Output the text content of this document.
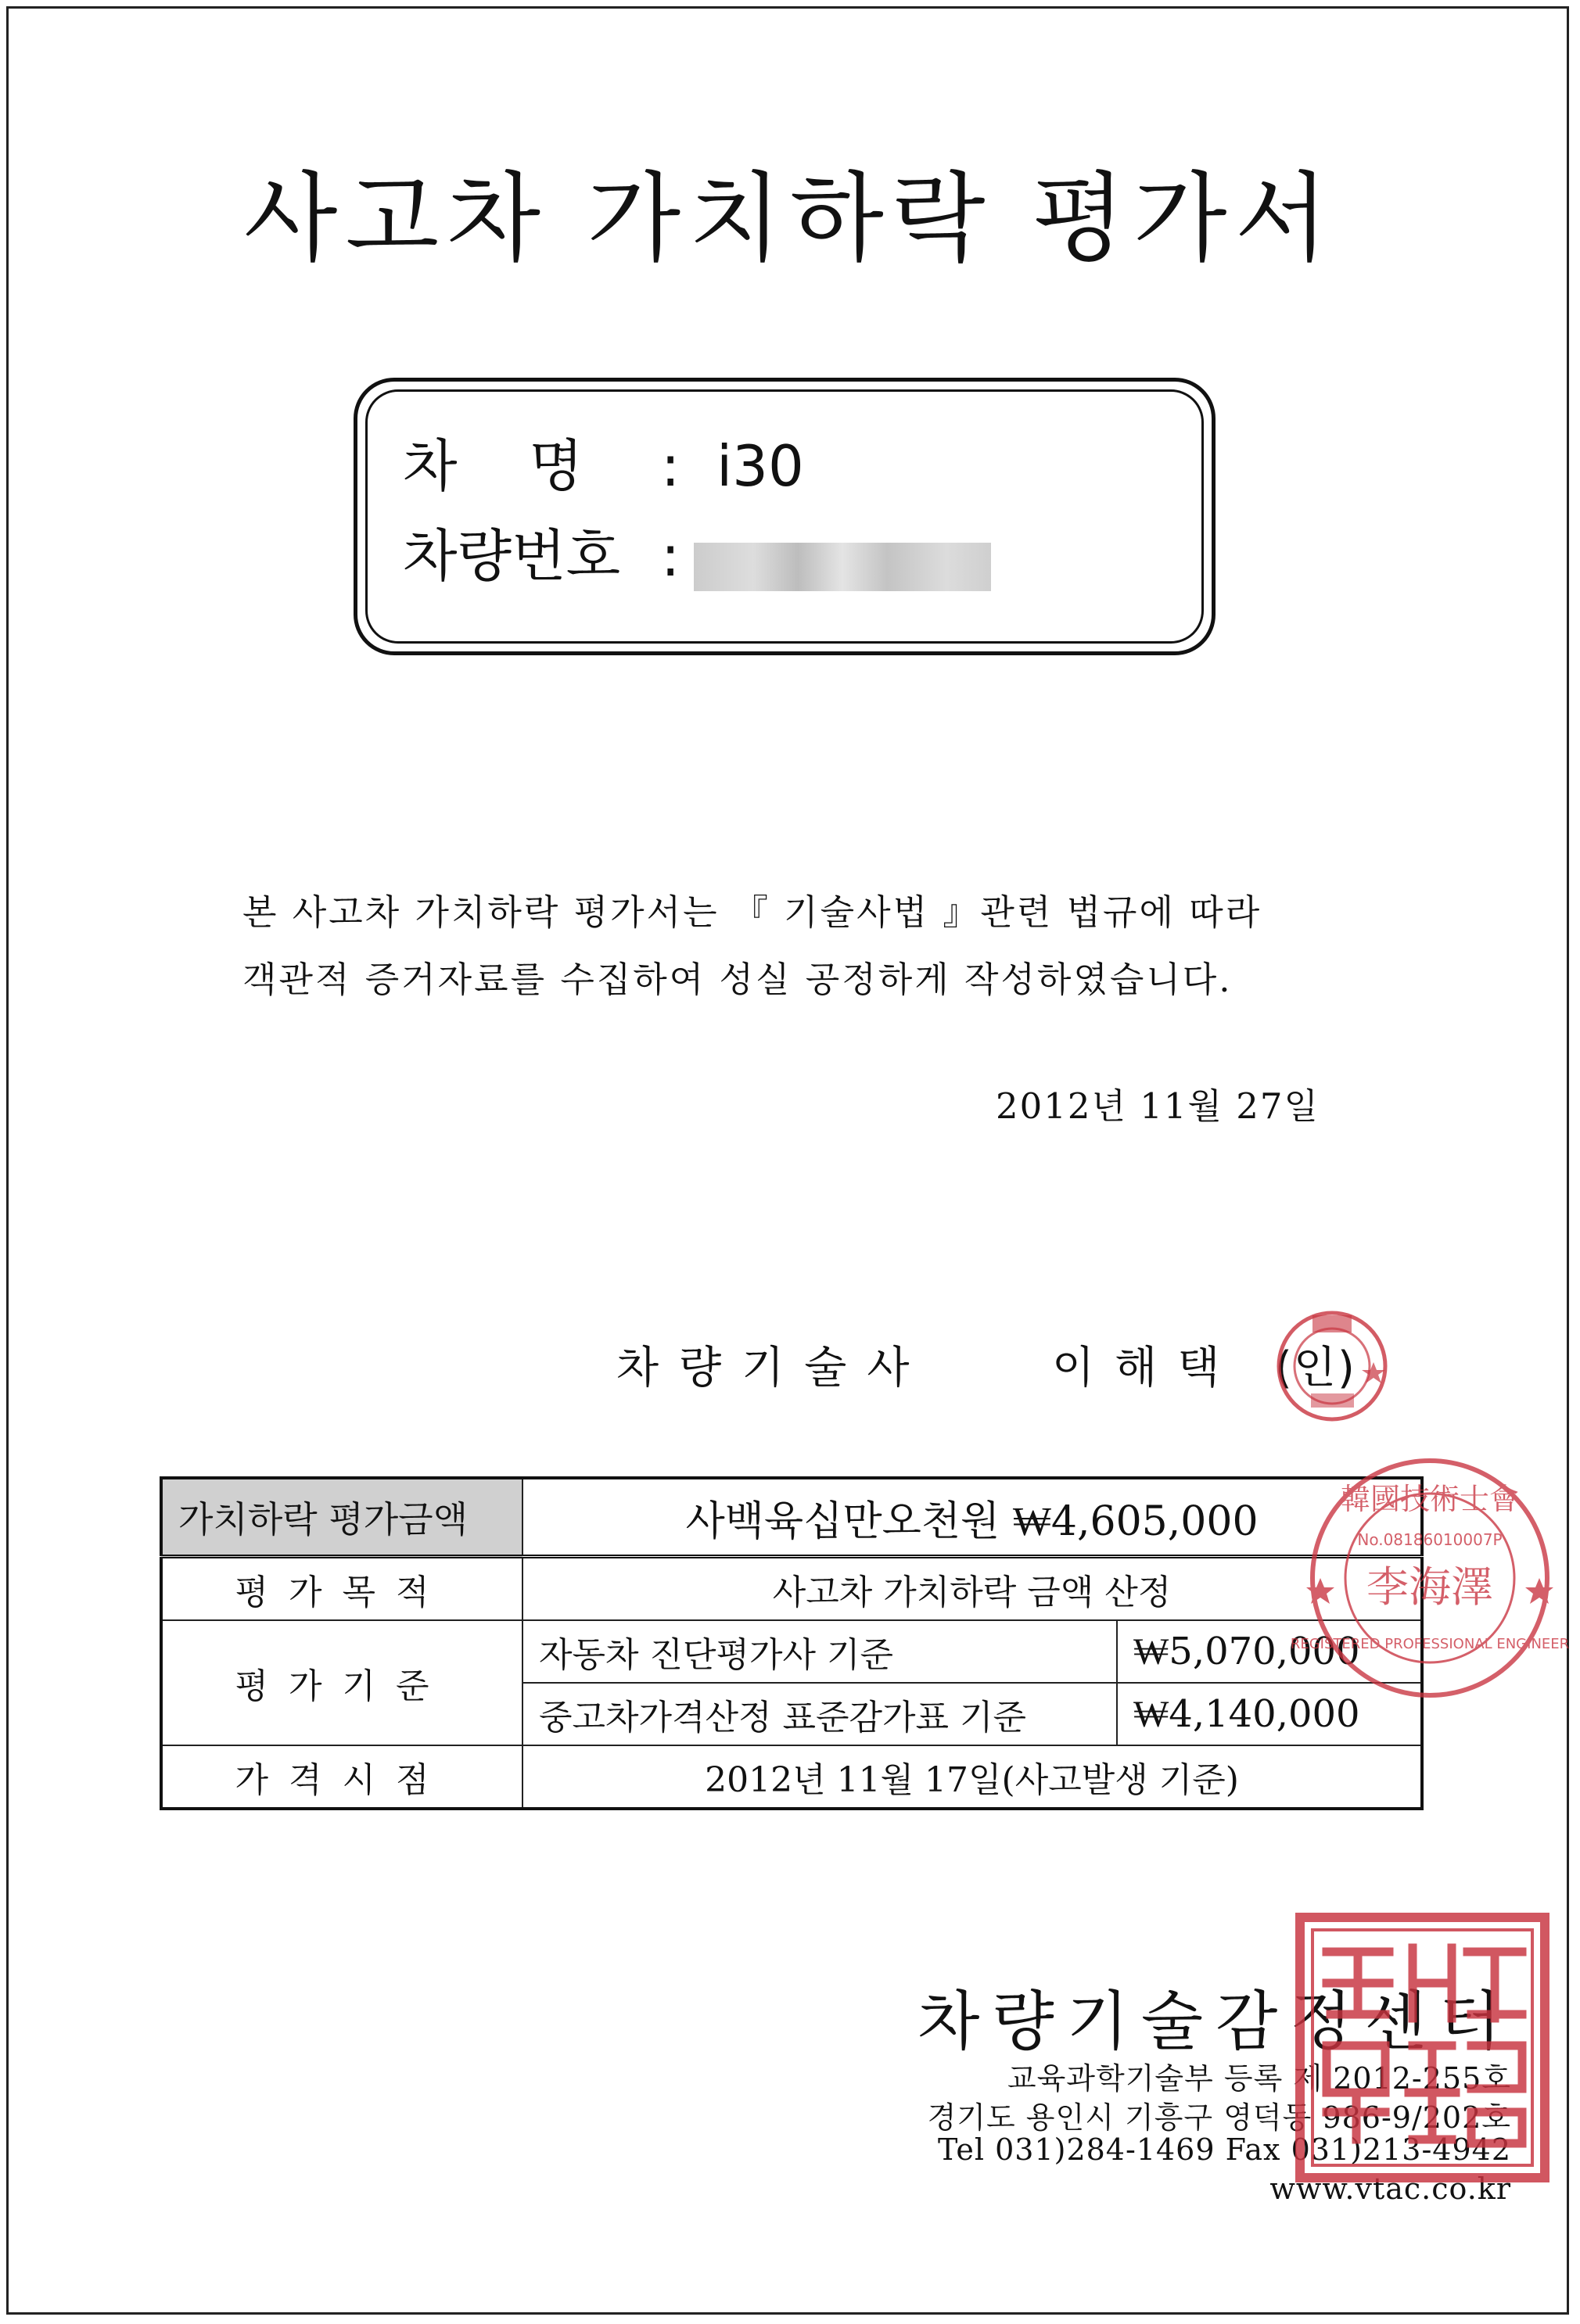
사고차 가치하락 평가서
차    명 : i30
차량번호 :
본 사고차 가치하락 평가서는 『 기술사법 』관련 법규에 따라
객관적 증거자료를 수집하여 성실 공정하게 작성하였습니다.
2012년 11월 27일
차량기술사	이해택 (인)
가치하락 평가금액	사백육십만오천원 ₩4,605,000	
평가목적	사고차 가치하락 금액 산정	
평가기준	자동차 진단평가사 기준	₩5,070,000
	중고차가격산정 표준감가표 기준	₩4,140,000
가격시점	2012년 11월 17일(사고발생 기준)	
韓國技術士會
No.08186010007P
李海澤
REGISTERED PROFESSIONAL ENGINEER
차량기술감정센터
교육과학기술부 등록 제 2012-255호
경기도 용인시 기흥구 영덕동 986-9/202호
Tel 031)284-1469 Fax 031)213-4942
www.vtac.co.kr
